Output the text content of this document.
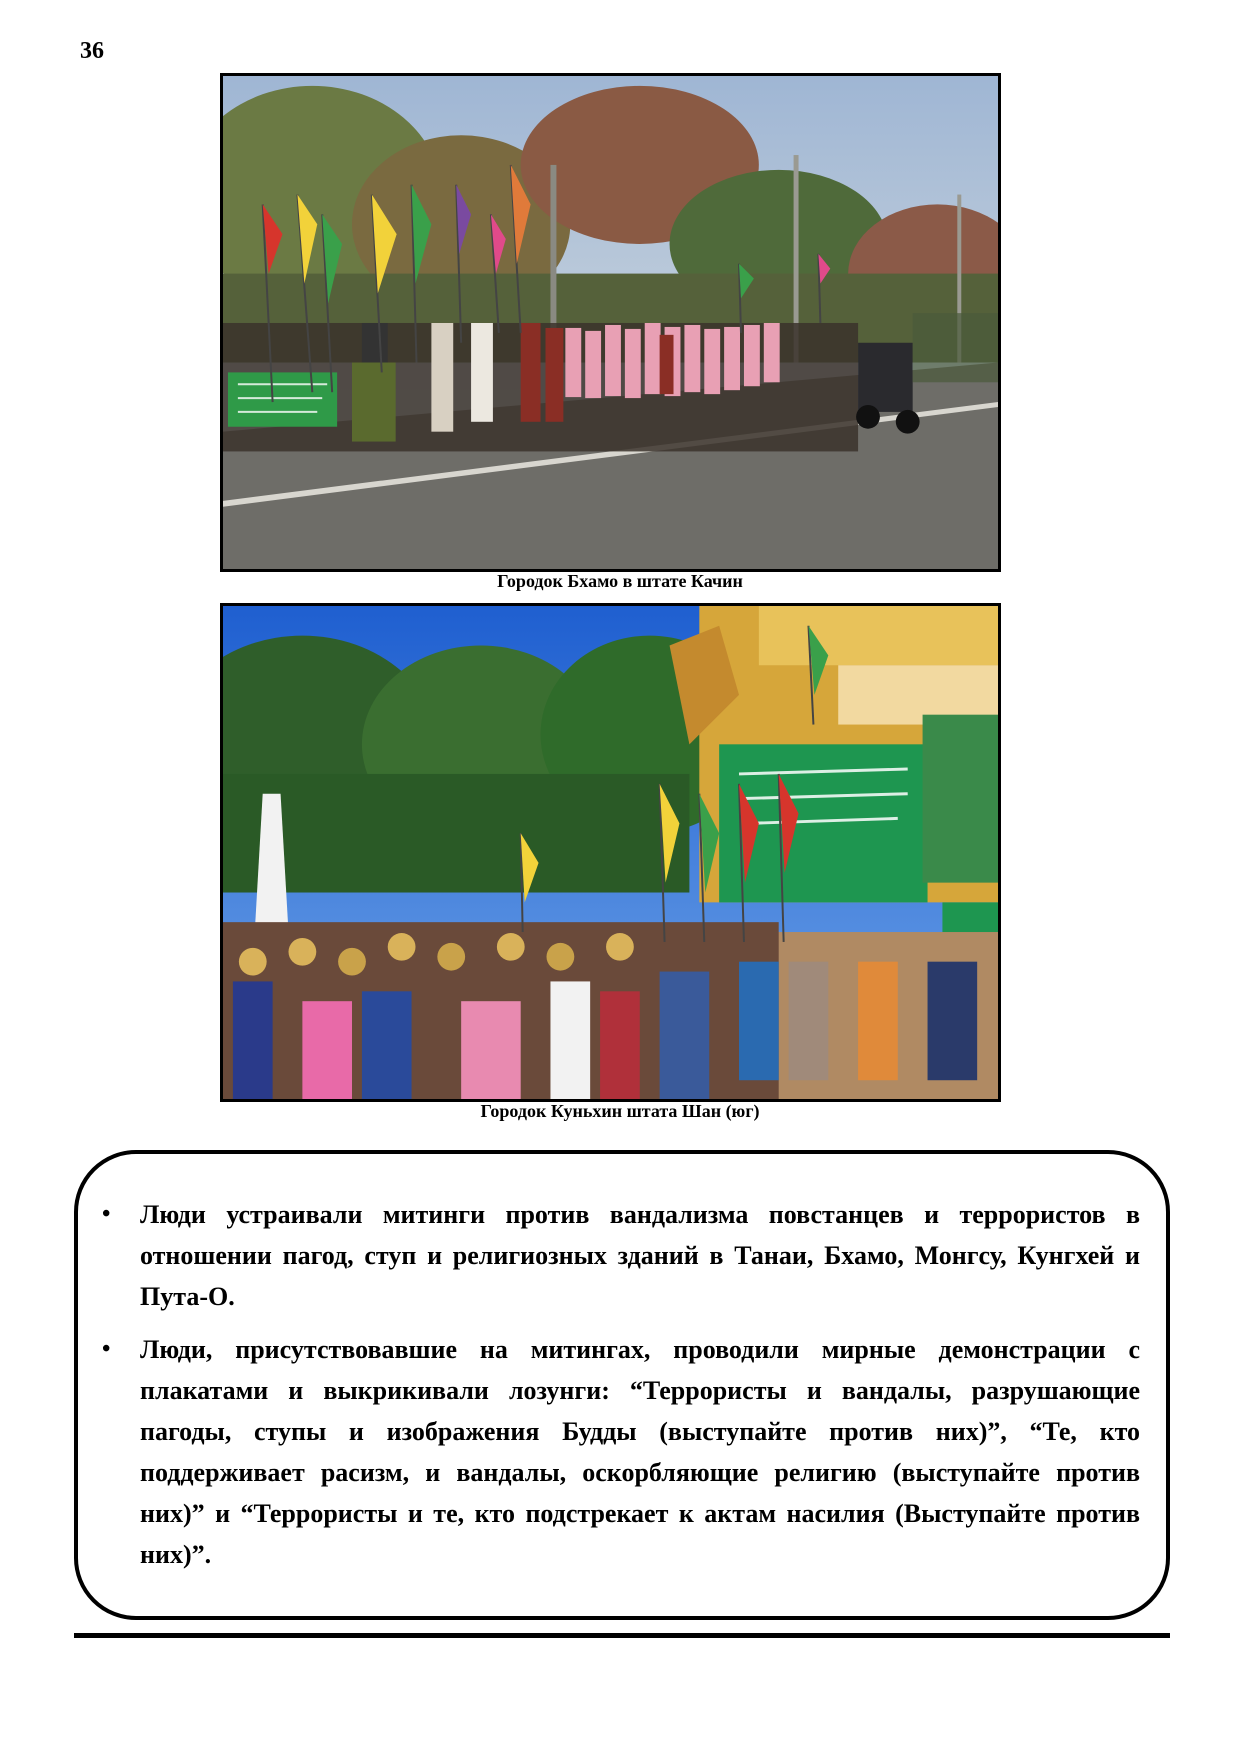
36
Городок Бхамо в штате Качин
Городок Куньхин штата Шан (юг)
• Люди устраивали митинги против вандализма повстанцев и террористов в отношении пагод, ступ и религиозных зданий в Танаи, Бхамо, Монгсу, Кунгхей и Пута-О.
• Люди, присутствовавшие на митингах, проводили мирные демонстрации с плакатами и выкрикивали лозунги: “Террористы и вандалы, разрушающие пагоды, ступы и изображения Будды (выступайте против них)”, “Те, кто поддерживает расизм, и вандалы, оскорбляющие религию (выступайте против них)” и “Террористы и те, кто подстрекает к актам насилия (Выступайте против них)”.
